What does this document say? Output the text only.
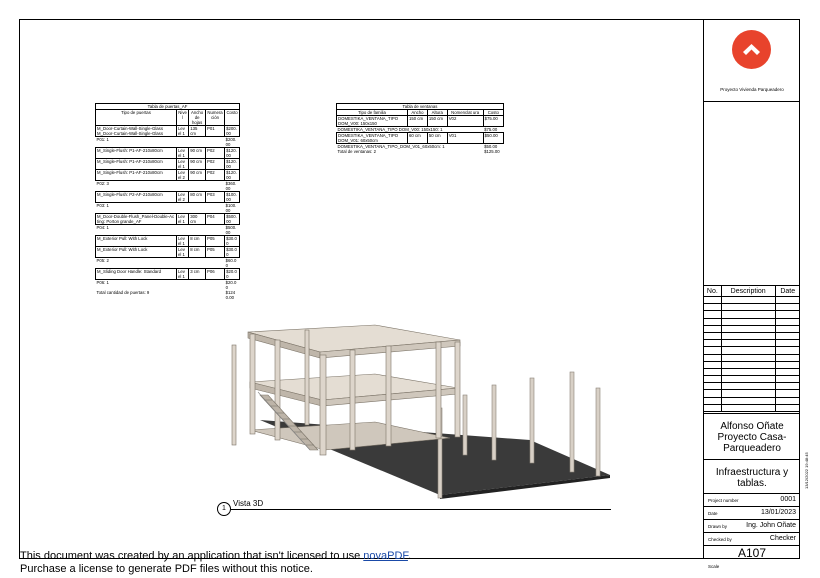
Tabla de puertas_AF				
Tipo de puertas	Nive l	Ancho de hojas	Numera ción	Costo

M_Door-Curtain-Wall-Single-Glass M_Door-Curtain-Wall-Single-Glass	Lev el 1	135 cm	P01	$200. 00
P01: 1				$200. 00
M_Single-Flush: P1-AF-210x80cm	Lev el 1	90 cm	P02	$120. 00
M_Single-Flush: P1-AF-210x80cm	Lev el 1	90 cm	P02	$120. 00
M_Single-Flush: P1-AF-210x80cm	Lev el 2	90 cm	P02	$120. 00
P02: 3				$360. 00
M_Single-Flush: P2-AF-210x80cm	Lev el 2	80 cm	P03	$100. 00
P03: 1				$100. 00
M_Door-Double-Flush_Panel-Double-Ac ting: Porton grande_AF	Lev el 1	300 cm	P04	$500. 00
P04: 1				$500. 00
M_Exterior Pull: With Lock	Lev el 1	8 cm	P05	$30.0 0
M_Exterior Pull: With Lock	Lev el 1	8 cm	P05	$30.0 0
P05: 2				$60.0 0
M_Sliding Door Handle: Standard	Lev el 1	3 cm	P06	$20.0 0
P06: 1				$20.0 0
Total cantidad de puertas: 9				$124 0.00
Tabla de ventanas				
Tipo de familia	Ancho	Altura	Nomenclat ura	Costo

DOMESTIKA_VENTANA_TIPO DOM_V00: 150x150	150 cm	150 cm	V02	$75.00
DOMESTIKA_VENTANA_TIPO DOM_V00: 150x150: 1				$75.00
DOMESTIKA_VENTANA_TIPO DOM_V01: 60x50cm	60 cm	50 cm	V01	$50.00
DOMESTIKA_VENTANA_TIPO_DOM_V01_60x50cm: 1				$50.00
Total de ventanas: 2				$125.00
1
Vista 3D
Proyecto Vivienda Parqueadero
No.	Description	Date

Alfonso Oñate
Proyecto Casa-Parqueadero
Infraestructura y tablas.
Project number	0001
Date	13/01/2023
Drawn by	Ing. John Oñate
Checked by	Checker
A107
Scale
13/12/2022 19:48:45
This document was created by an application that isn't licensed to use novaPDF.
Purchase a license to generate PDF files without this notice.
